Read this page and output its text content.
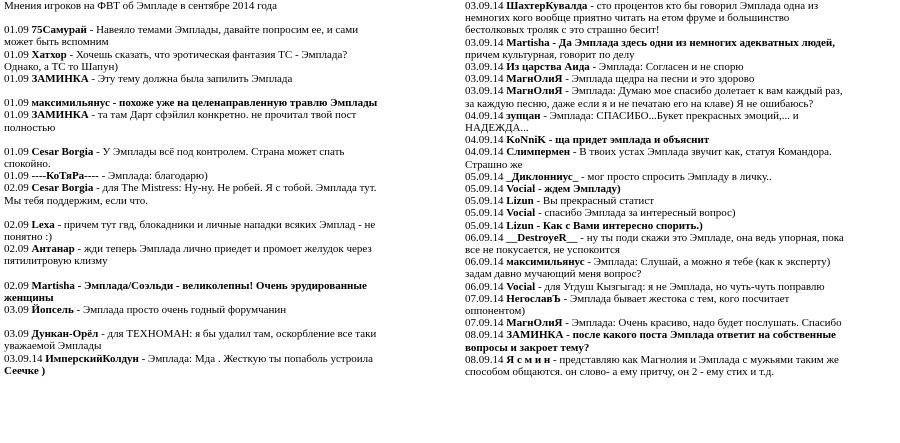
Мнения игроков на ФВТ об Эмпладе в сентябре 2014 года
01.09 75Самурай - Навеяло темами Эмплады, давайте попросим ее, и сами
может быть вспомним
01.09 Хатхор - Хочешь сказать, что эротическая фантазия ТС - Эмплада?
Однако, а ТС то Шапун)
01.09 ЗАМИНКА - Эту тему должна была запилить Эмплада
01.09 максимильянус - похоже уже на целенаправленную травлю Эмплады
01.09 ЗАМИНКА - та там Дарт сфэйлил конкретно. не прочитал твой пост
полностью
01.09 Cesar Borgia - У Эмплады всё под контролем. Страна может спать
спокойно.
01.09 ----КоТяРа---- - Эмплада: благодарю)
02.09 Cesar Borgia - для The Mistress: Ну-ну. Не робей. Я с тобой. Эмплада тут.
Мы тебя поддержим, если что.
02.09 Lexa - причем тут гвд, блокадники и личные нападки всяких Эмплад - не
понятно :)
02.09 Антанар - жди теперь Эмплада лично приедет и промоет желудок через
пятилитровую клизму
02.09 Martisha - Эмплада/Соэльди - великолепны! Очень эрудированные
женщины
03.09 Йопсель - Эмплада просто очень годный форумчанин
03.09 Дункан-Орёл - для ТЕХНОМАН: я бы удалил там, оскорбление все таки
уважаемой Эмплады
03.09.14 ИмперскийКолдун - Эмплада: Мда . Жесткую ты попаболь устроила
Сеечке )
03.09.14 ШахтерКувалда - сто процентов кто бы говорил Эмплада одна из
немногих кого вообще приятно читать на етом фруме и большинство
бестолковых троляк с это страшно бесит!
03.09.14 Martisha - Да Эмплада здесь одни из немногих адекватных людей,
причем культурная, говорит по делу
03.09.14 Из царства Аида - Эмплада: Согласен и не спорю
03.09.14 МагнОлиЯ - Эмплада щедра на песни и это здорово
03.09.14 МагнОлиЯ - Эмплада: Думаю мое спасибо долетает к вам каждый раз,
за каждую песню, даже если я и не печатаю его на клаве) Я не ошибаюсь?
04.09.14 зупцан - Эмплада: СПАСИБО...Букет прекрасных эмоций,... и
НАДЕЖДА...
04.09.14 KoNniK - ща придет эмплада и объяснит
04.09.14 Слимпермен - В твоих устах Эмплада звучит как, статуя Командора.
Страшно же
05.09.14 _Диклонниус_ - мог просто спросить Эмпладу в личку..
05.09.14 Vocial - ждем Эмпладу)
05.09.14 Lizun - Вы прекрасный статист
05.09.14 Vocial - спасибо Эмплада за интересный вопрос)
05.09.14 Lizun - Как с Вами интересно спорить.)
06.09.14 __DestroyeR__ - ну ты поди скажи это Эмпладе, она ведь упорная, пока
все не покусается, не успокоится
06.09.14 максимильянус - Эмплада: Слушай, а можно я тебе (как к эксперту)
задам давно мучающий меня вопрос?
06.09.14 Vocial - для Угдуш Кызгыгад: я не Эмплада, но чуть-чуть поправлю
07.09.14 НегославЪ - Эмплада бывает жестока с тем, кого посчитает
оппонентом)
07.09.14 МагнОлиЯ - Эмплада: Очень красиво, надо будет послушать. Спасибо
08.09.14 ЗАМИНКА - после какого поста Эмплада ответит на собственные
вопросы и закроет тему?
08.09.14 Я с м и н - представляю как Магнолия и Эмплада с мужьями таким же
способом общаются. он слово- а ему притчу, он 2 - ему стих и т.д.
